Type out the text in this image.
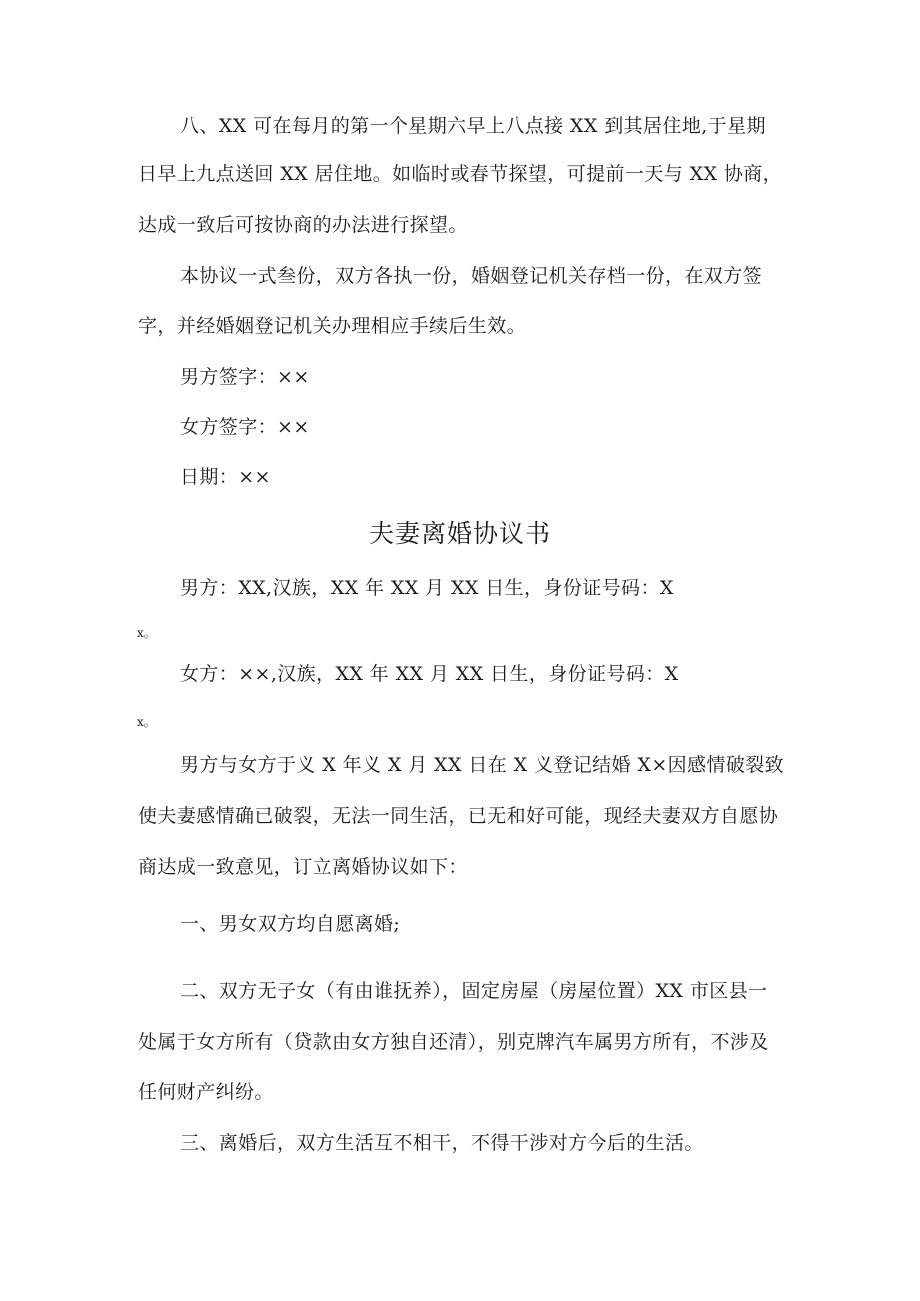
八、XX 可在每月的第一个星期六早上八点接 XX 到其居住地,于星期
日早上九点送回 XX 居住地。如临时或春节探望，可提前一天与 XX 协商，
达成一致后可按协商的办法进行探望。
本协议一式叁份，双方各执一份，婚姻登记机关存档一份，在双方签
字，并经婚姻登记机关办理相应手续后生效。
男方签字：××
女方签字：××
日期：××
夫妻离婚协议书
男方：XX,汉族，XX 年 XX 月 XX 日生，身份证号码：X
x。
女方：××,汉族，XX 年 XX 月 XX 日生，身份证号码：X
x。
男方与女方于义 X 年义 X 月 XX 日在 X 义登记结婚 X×因感情破裂致
使夫妻感情确已破裂，无法一同生活，已无和好可能，现经夫妻双方自愿协
商达成一致意见，订立离婚协议如下：
一、男女双方均自愿离婚;
二、双方无子女（有由谁抚养），固定房屋（房屋位置）XX 市区县一
处属于女方所有（贷款由女方独自还清），别克牌汽车属男方所有，不涉及
任何财产纠纷。
三、离婚后，双方生活互不相干，不得干涉对方今后的生活。
